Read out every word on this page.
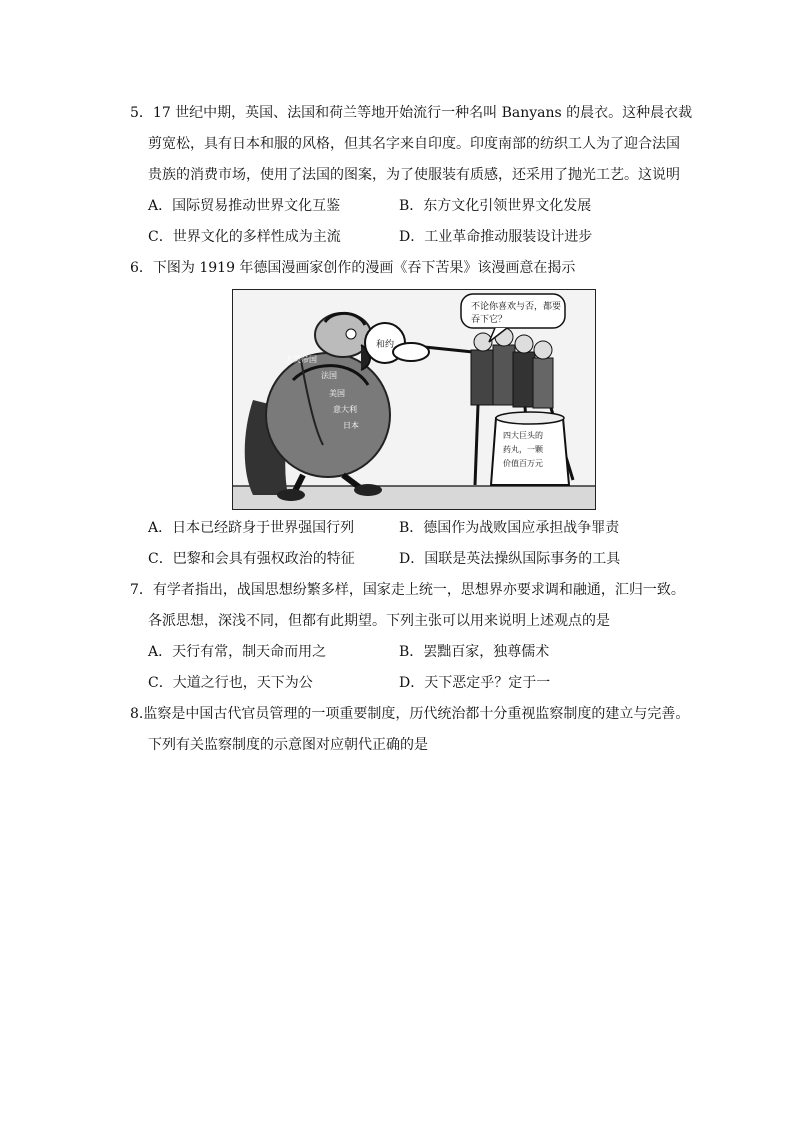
5．17 世纪中期，英国、法国和荷兰等地开始流行一种名叫 Banyans 的晨衣。这种晨衣裁
剪宽松，具有日本和服的风格，但其名字来自印度。印度南部的纺织工人为了迎合法国
贵族的消费市场，使用了法国的图案，为了使服装有质感，还采用了抛光工艺。这说明
A．国际贸易推动世界文化互鉴	B．东方文化引领世界文化发展
C．世界文化的多样性成为主流	D．工业革命推动服装设计进步
6．下图为 1919 年德国漫画家创作的漫画《吞下苦果》该漫画意在揭示
不论你喜欢与否，都要
吞下它？
和约
大英帝国
法国
美国
意大利
日本
四大巨头的
药丸，一颗
价值百万元
A．日本已经跻身于世界强国行列	B．德国作为战败国应承担战争罪责
C．巴黎和会具有强权政治的特征	D．国联是英法操纵国际事务的工具
7．有学者指出，战国思想纷繁多样，国家走上统一，思想界亦要求调和融通，汇归一致。
各派思想，深浅不同，但都有此期望。下列主张可以用来说明上述观点的是
A．天行有常，制天命而用之	B．罢黜百家，独尊儒术
C．大道之行也，天下为公	D．天下恶定乎？定于一
8.监察是中国古代官员管理的一项重要制度，历代统治都十分重视监察制度的建立与完善。
下列有关监察制度的示意图对应朝代正确的是
